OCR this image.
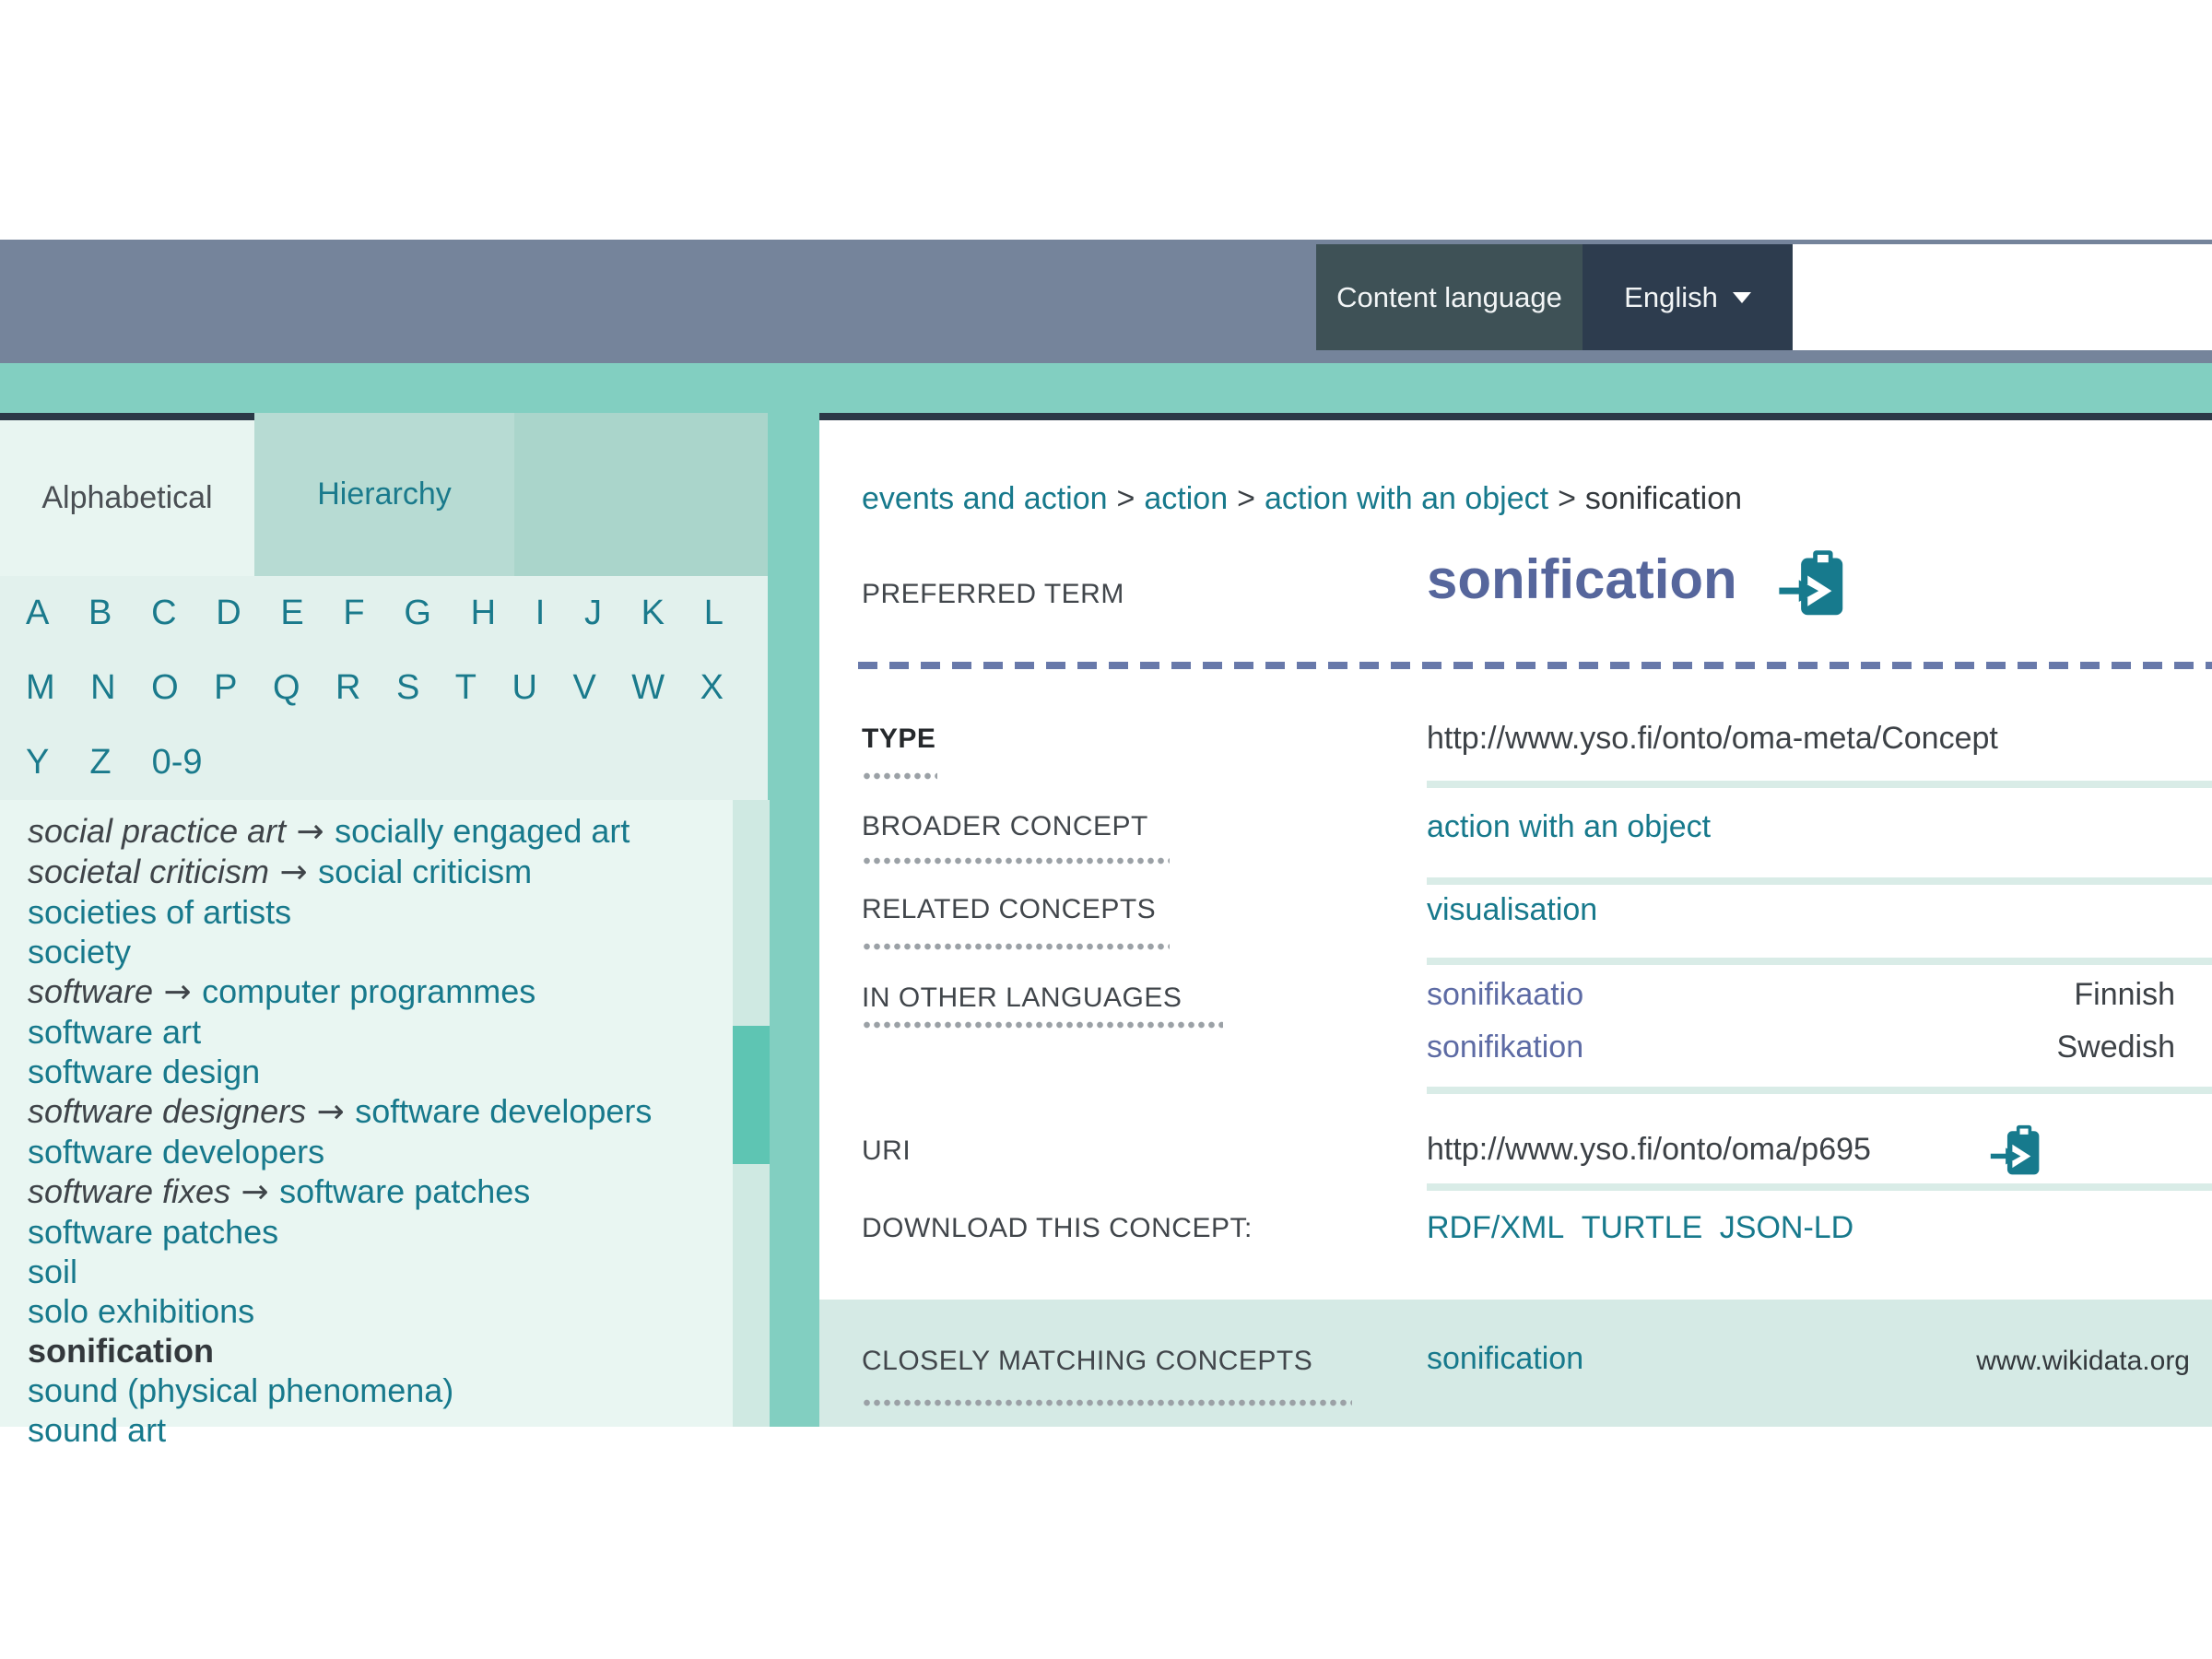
Content language English
Alphabetical	Hierarchy
A B C D E F G H I J K L
M N O P Q R S T U V W X
Y Z 0-9
social practice art → socially engaged art
societal criticism → social criticism
societies of artists
society
software → computer programmes
software art
software design
software designers → software developers
software developers
software fixes → software patches
software patches
soil
solo exhibitions
sonification
sound (physical phenomena)
sound art
events and action > action > action with an object > sonification
PREFERRED TERM	sonification
TYPE	http://www.yso.fi/onto/oma-meta/Concept
BROADER CONCEPT	action with an object
RELATED CONCEPTS	visualisation
IN OTHER LANGUAGES	sonifikaatio	Finnish
sonifikation	Swedish
URI	http://www.yso.fi/onto/oma/p695
DOWNLOAD THIS CONCEPT:	RDF/XML TURTLE JSON-LD
CLOSELY MATCHING CONCEPTS	sonification	www.wikidata.org
